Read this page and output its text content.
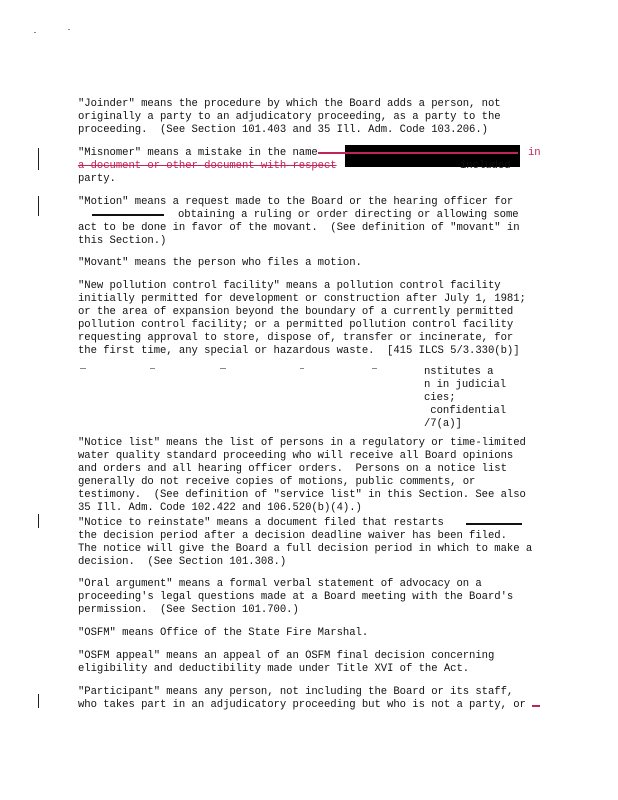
"Joinder" means the procedure by which the Board adds a person, not
originally a party to an adjudicatory proceeding, as a party to the
proceeding.  (See Section 101.403 and 35 Ill. Adm. Code 103.206.)
"Misnomer" means a mistake in the name	in
a document or other document with respect	included
party.
"Motion" means a request made to the Board or the hearing officer for
obtaining a ruling or order directing or allowing some
act to be done in favor of the movant.  (See definition of "movant" in
this Section.)
"Movant" means the person who files a motion.
"New pollution control facility" means a pollution control facility
initially permitted for development or construction after July 1, 1981;
or the area of expansion beyond the boundary of a currently permitted
pollution control facility; or a permitted pollution control facility
requesting approval to store, dispose of, transfer or incinerate, for
the first time, any special or hazardous waste.  [415 ILCS 5/3.330(b)]
nstitutes a
n in judicial
cies;
confidential
/7(a)]
"Notice list" means the list of persons in a regulatory or time-limited
water quality standard proceeding who will receive all Board opinions
and orders and all hearing officer orders.  Persons on a notice list
generally do not receive copies of motions, public comments, or
testimony.  (See definition of "service list" in this Section. See also
35 Ill. Adm. Code 102.422 and 106.520(b)(4).)
"Notice to reinstate" means a document filed that restarts
the decision period after a decision deadline waiver has been filed.
The notice will give the Board a full decision period in which to make a
decision.  (See Section 101.308.)
"Oral argument" means a formal verbal statement of advocacy on a
proceeding's legal questions made at a Board meeting with the Board's
permission.  (See Section 101.700.)
"OSFM" means Office of the State Fire Marshal.
"OSFM appeal" means an appeal of an OSFM final decision concerning
eligibility and deductibility made under Title XVI of the Act.
"Participant" means any person, not including the Board or its staff,
who takes part in an adjudicatory proceeding but who is not a party, or
